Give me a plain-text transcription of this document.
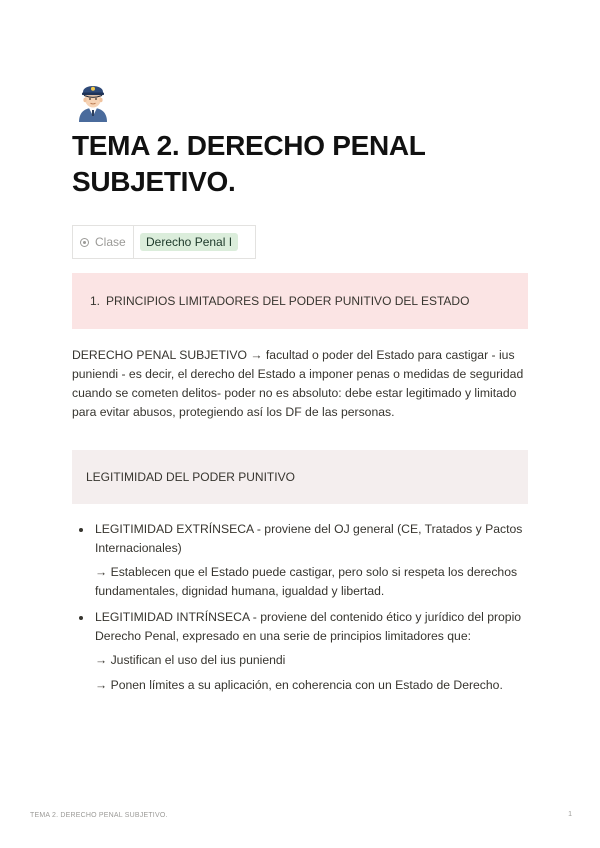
TEMA 2. DERECHO PENAL SUBJETIVO.
Clase	Derecho Penal I
1. PRINCIPIOS LIMITADORES DEL PODER PUNITIVO DEL ESTADO

DERECHO PENAL SUBJETIVO → facultad o poder del Estado para castigar - ius puniendi - es decir, el derecho del Estado a imponer penas o medidas de seguridad cuando se cometen delitos- poder no es absoluto: debe estar legitimado y limitado para evitar abusos, protegiendo así los DF de las personas.

LEGITIMIDAD DEL PODER PUNITIVO
LEGITIMIDAD EXTRÍNSECA - proviene del OJ general (CE, Tratados y Pactos Internacionales)
→ Establecen que el Estado puede castigar, pero solo si respeta los derechos fundamentales, dignidad humana, igualdad y libertad.
LEGITIMIDAD INTRÍNSECA - proviene del contenido ético y jurídico del propio Derecho Penal, expresado en una serie de principios limitadores que:
→ Justifican el uso del ius puniendi
→ Ponen límites a su aplicación, en coherencia con un Estado de Derecho.
TEMA 2. DERECHO PENAL SUBJETIVO.	1
